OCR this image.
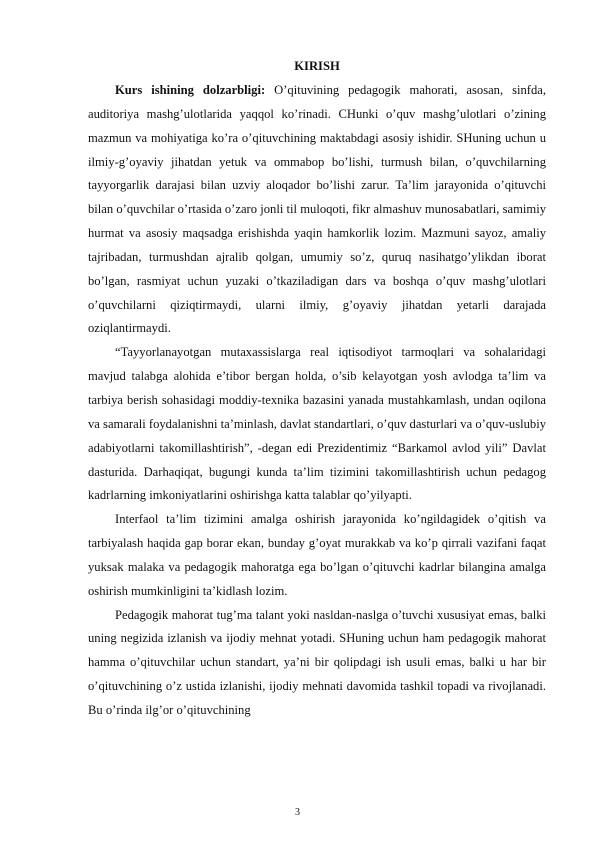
KIRISH

Kurs ishining dolzarbligi: O’qituvining pedagogik mahorati, asosan, sinfda, auditoriya mashg’ulotlarida yaqqol ko’rinadi. CHunki o’quv mashg’ulotlari o’zining mazmun va mohiyatiga ko’ra o’qituvchining maktabdagi asosiy ishidir. SHuning uchun u ilmiy-g’oyaviy jihatdan yetuk va ommabop bo’lishi, turmush bilan, o’quvchilarning tayyorgarlik darajasi bilan uzviy aloqador bo’lishi zarur. Ta’lim jarayonida o’qituvchi bilan o’quvchilar o’rtasida o’zaro jonli til muloqoti, fikr almashuv munosabatlari, samimiy hurmat va asosiy maqsadga erishishda yaqin hamkorlik lozim. Mazmuni sayoz, amaliy tajribadan, turmushdan ajralib qolgan, umumiy so’z, quruq nasihatgo’ylikdan iborat bo’lgan, rasmiyat uchun yuzaki o’tkaziladigan dars va boshqa o’quv mashg’ulotlari o’quvchilarni qiziqtirmaydi, ularni ilmiy, g’oyaviy jihatdan yetarli darajada oziqlantirmaydi.

“Tayyorlanayotgan mutaxassislarga real iqtisodiyot tarmoqlari va sohalaridagi mavjud talabga alohida e’tibor bergan holda, o’sib kelayotgan yosh avlodga ta’lim va tarbiya berish sohasidagi moddiy-texnika bazasini yanada mustahkamlash, undan oqilona va samarali foydalanishni ta’minlash, davlat standartlari, o’quv dasturlari va o’quv-uslubiy adabiyotlarni takomillashtirish”, -degan edi Prezidentimiz “Barkamol avlod yili” Davlat dasturida. Darhaqiqat, bugungi kunda ta’lim tizimini takomillashtirish uchun pedagog kadrlarning imkoniyatlarini oshirishga katta talablar qo’yilyapti.

Interfaol ta’lim tizimini amalga oshirish jarayonida ko’ngildagidek o’qitish va tarbiyalash haqida gap borar ekan, bunday g’oyat murakkab va ko’p qirrali vazifani faqat yuksak malaka va pedagogik mahoratga ega bo’lgan o’qituvchi kadrlar bilangina amalga oshirish mumkinligini ta’kidlash lozim.

Pedagogik mahorat tug’ma talant yoki nasldan-naslga o’tuvchi xususiyat emas, balki uning negizida izlanish va ijodiy mehnat yotadi. SHuning uchun ham pedagogik mahorat hamma o’qituvchilar uchun standart, ya’ni bir qolipdagi ish usuli emas, balki u har bir o’qituvchining o’z ustida izlanishi, ijodiy mehnati davomida tashkil topadi va rivojlanadi. Bu o’rinda ilg’or o’qituvchining

3
